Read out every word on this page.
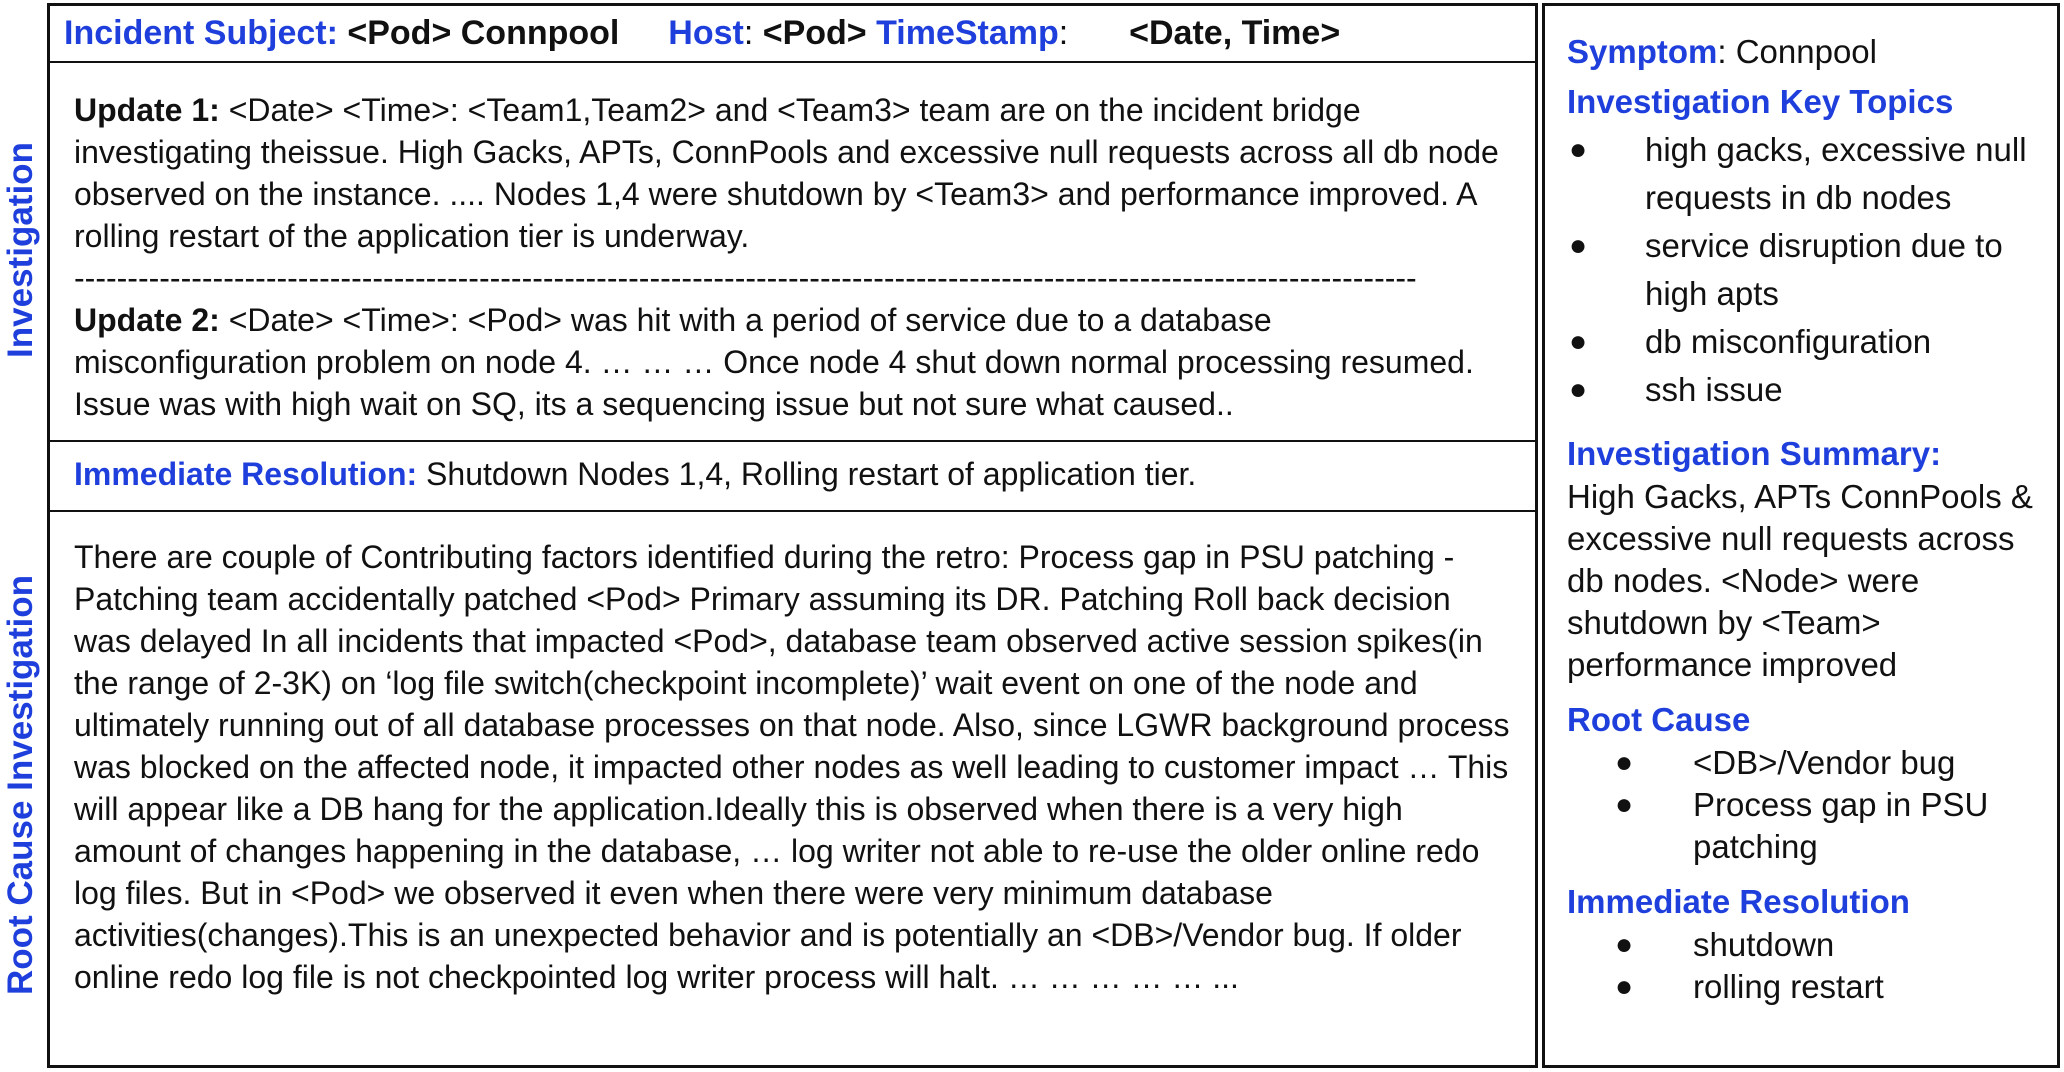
Investigation
Root Cause Investigation
Incident Subject: <Pod> Connpool Host: <Pod> TimeStamp: <Date, Time>

Update 1: <Date> <Time>: <Team1,Team2> and <Team3> team are on the incident bridge investigating theissue. High Gacks, APTs, ConnPools and excessive null requests across all db node observed on the instance. .... Nodes 1,4 were shutdown by <Team3> and performance improved. A rolling restart of the application tier is underway.

------------------------------------------------------------------------------------------------------------------------------

Update 2: <Date> <Time>: <Pod> was hit with a period of service due to a database misconfiguration problem on node 4. … … … Once node 4 shut down normal processing resumed. Issue was with high wait on SQ, its a sequencing issue but not sure what caused..

Immediate Resolution: Shutdown Nodes 1,4, Rolling restart of application tier.

There are couple of Contributing factors identified during the retro: Process gap in PSU patching - Patching team accidentally patched <Pod> Primary assuming its DR. Patching Roll back decision was delayed In all incidents that impacted <Pod>, database team observed active session spikes(in the range of 2-3K) on ‘log file switch(checkpoint incomplete)’ wait event on one of the node and ultimately running out of all database processes on that node. Also, since LGWR background process was blocked on the affected node, it impacted other nodes as well leading to customer impact … This will appear like a DB hang for the application.Ideally this is observed when there is a very high amount of changes happening in the database, … log writer not able to re-use the older online redo log files. But in <Pod> we observed it even when there were very minimum database activities(changes).This is an unexpected behavior and is potentially an <DB>/Vendor bug. If older online redo log file is not checkpointed log writer process will halt. … … … … … ...

Symptom: Connpool
Investigation Key Topics
● high gacks, excessive null requests in db nodes
● service disruption due to high apts
● db misconfiguration
● ssh issue
Investigation Summary:
High Gacks, APTs ConnPools & excessive null requests across db nodes. <Node> were shutdown by <Team> performance improved
Root Cause
● <DB>/Vendor bug
● Process gap in PSU patching
Immediate Resolution
● shutdown
● rolling restart
